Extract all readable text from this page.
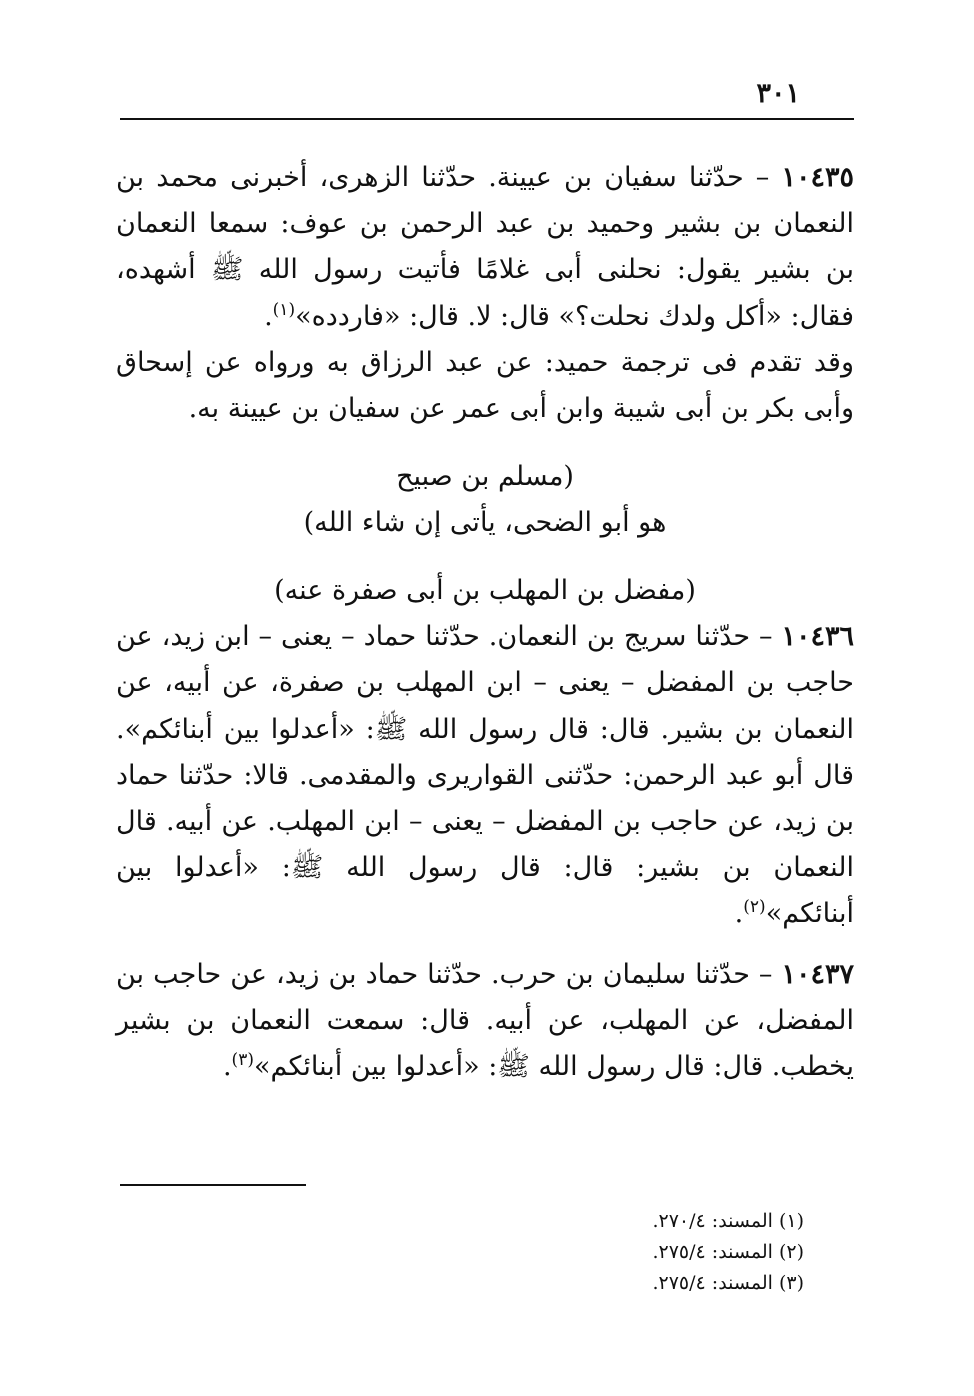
٣٠١

١٠٤٣٥ – حدّثنا سفيان بن عيينة. حدّثنا الزهرى، أخبرنى محمد بن النعمان بن بشير وحميد بن عبد الرحمن بن عوف: سمعا النعمان بن بشير يقول: نحلنى أبى غلامًا فأتيت رسول الله ﷺ أشهده، فقال: «أكل ولدك نحلت؟» قال: لا. قال: «فاردده»$^{(١)}$.

وقد تقدم فى ترجمة حميد: عن عبد الرزاق به ورواه عن إسحاق وأبى بكر بن أبى شيبة وابن أبى عمر عن سفيان بن عيينة به.

(مسلم بن صبيح

هو أبو الضحى، يأتى إن شاء الله)

(مفضل بن المهلب بن أبى صفرة عنه)

١٠٤٣٦ – حدّثنا سريج بن النعمان. حدّثنا حماد – يعنى – ابن زيد، عن حاجب بن المفضل – يعنى – ابن المهلب بن صفرة، عن أبيه، عن النعمان بن بشير. قال: قال رسول الله ﷺ: «أعدلوا بين أبنائكم». قال أبو عبد الرحمن: حدّثنى القواريرى والمقدمى. قالا: حدّثنا حماد بن زيد، عن حاجب بن المفضل – يعنى – ابن المهلب. عن أبيه. قال النعمان بن بشير: قال: قال رسول الله ﷺ: «أعدلوا بين أبنائكم»$^{(٢)}$.

١٠٤٣٧ – حدّثنا سليمان بن حرب. حدّثنا حماد بن زيد، عن حاجب بن المفضل، عن المهلب، عن أبيه. قال: سمعت النعمان بن بشير يخطب. قال: قال رسول الله ﷺ: «أعدلوا بين أبنائكم»$^{(٣)}$.

(١) المسند: ٢٧٠/٤.

(٢) المسند: ٢٧٥/٤.

(٣) المسند: ٢٧٥/٤.
